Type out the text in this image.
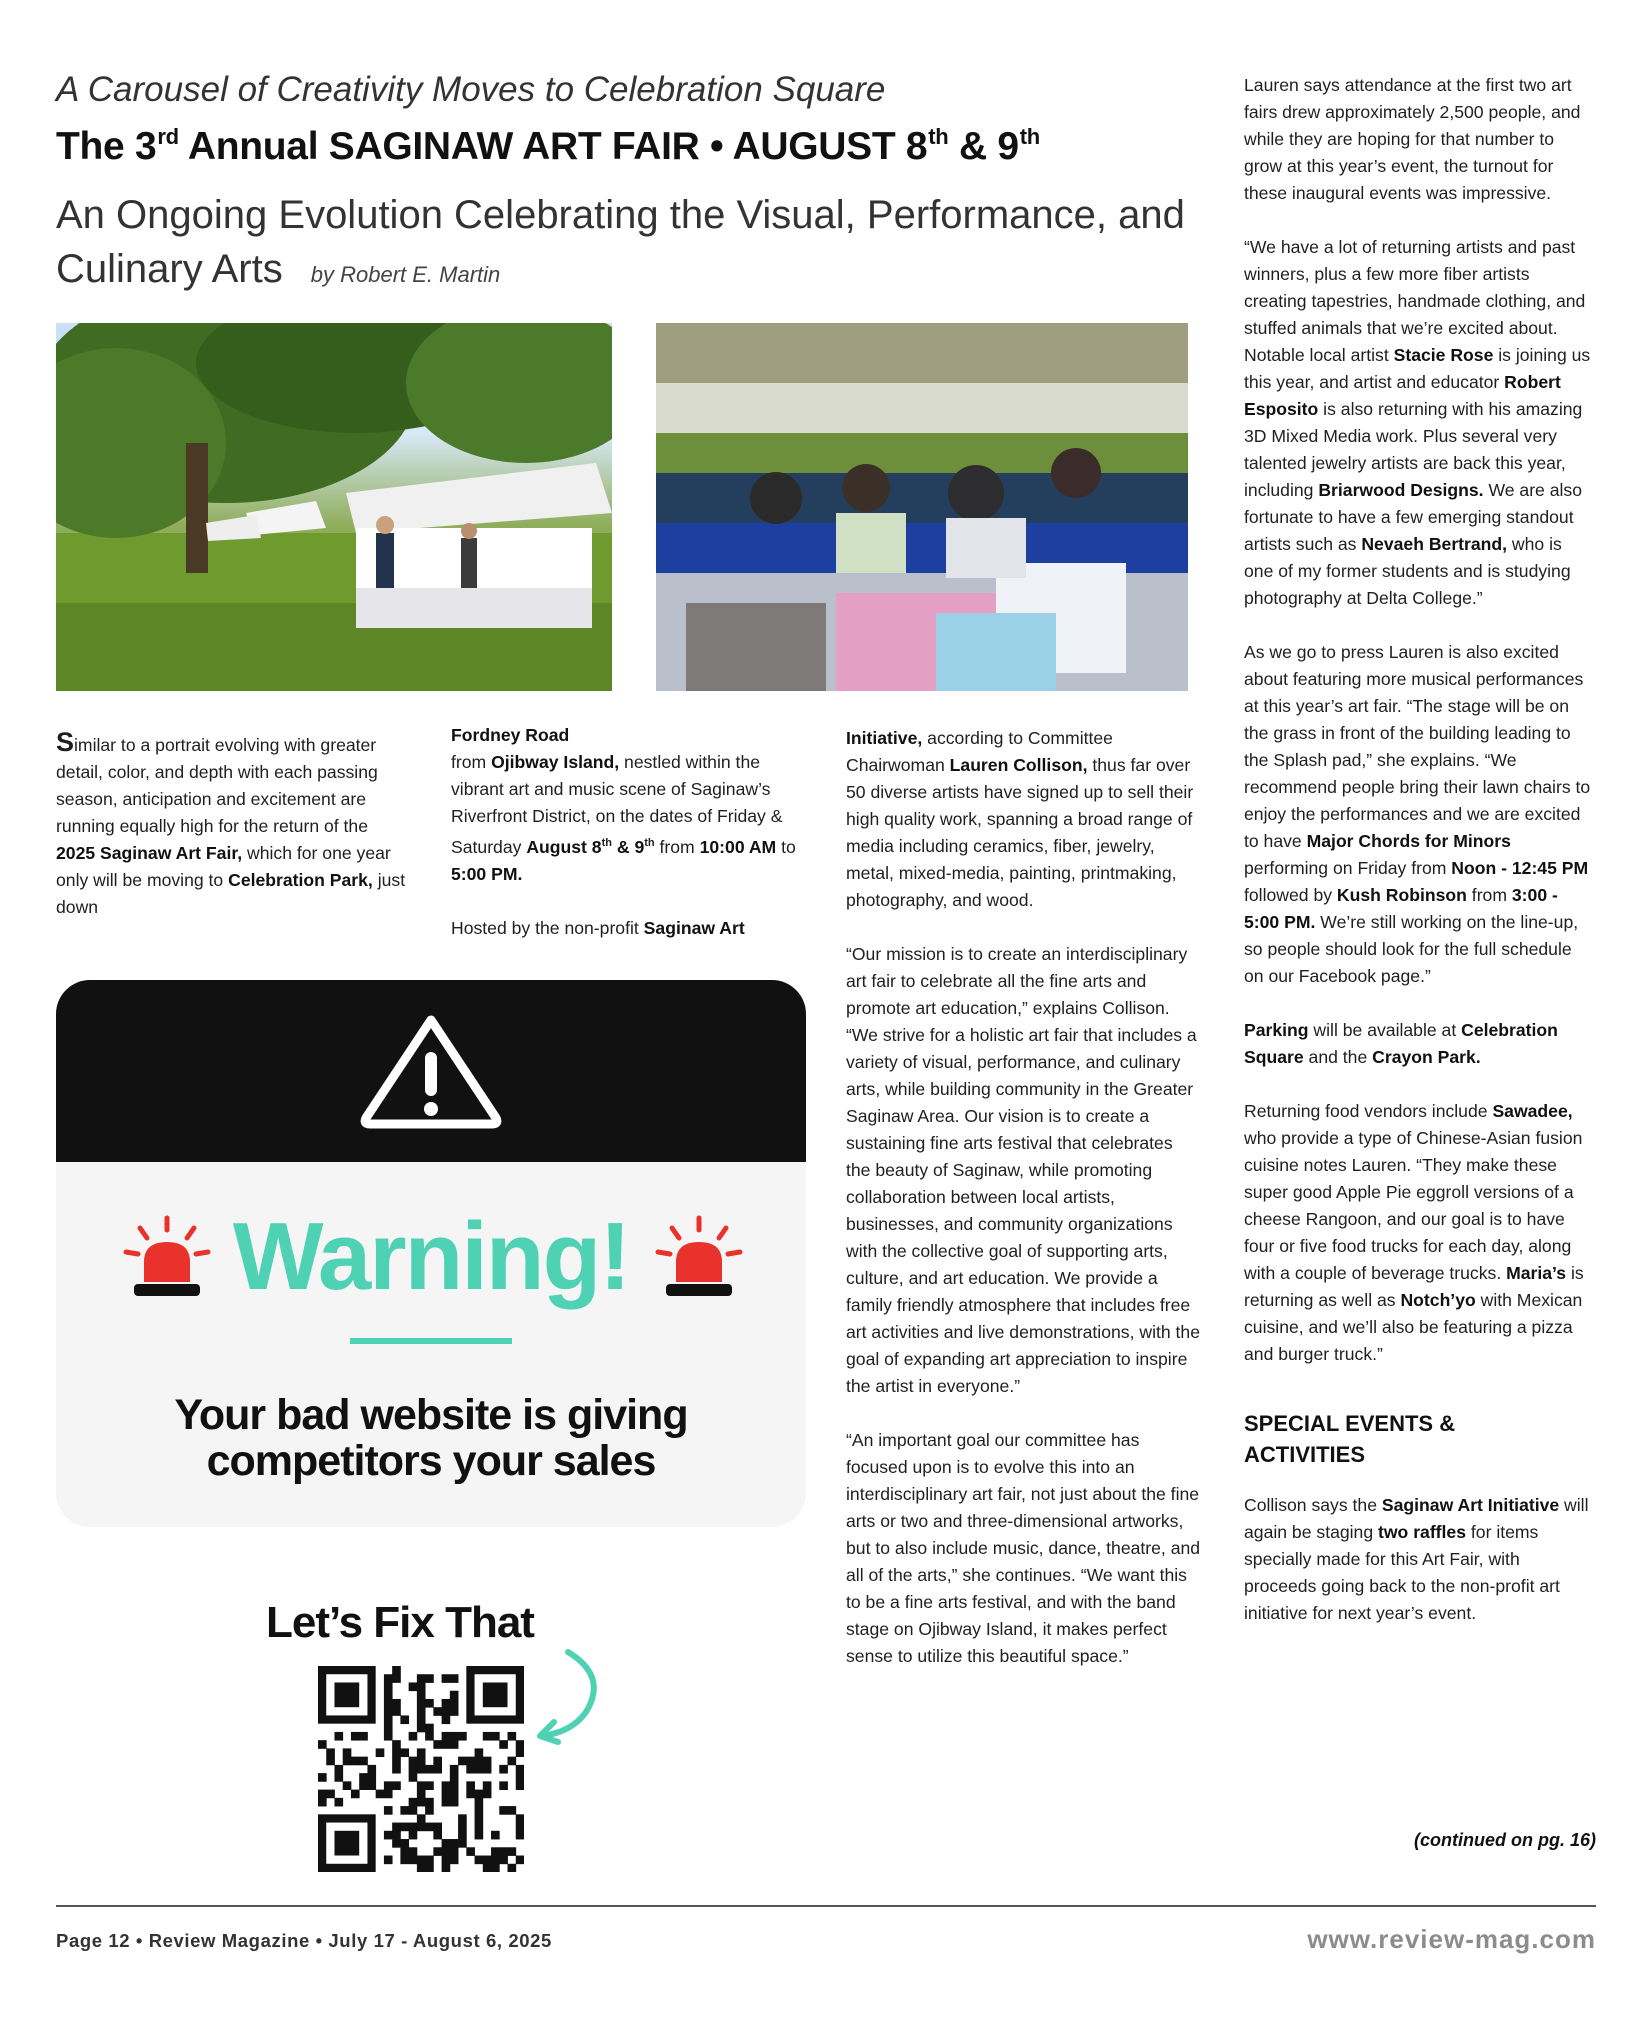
A Carousel of Creativity Moves to Celebration Square
The 3rd Annual SAGINAW ART FAIR • AUGUST 8th & 9th
An Ongoing Evolution Celebrating the Visual, Performance, and Culinary Arts by Robert E. Martin

Similar to a portrait evolving with greater detail, color, and depth with each passing season, anticipation and excitement are running equally high for the return of the 2025 Saginaw Art Fair, which for one year only will be moving to Celebration Park, just down

Fordney Road
from Ojibway Island, nestled within the vibrant art and music scene of Saginaw’s Riverfront District, on the dates of Friday & Saturday August 8th & 9th from 10:00 AM to 5:00 PM.

Hosted by the non-profit Saginaw Art

Initiative, according to Committee Chairwoman Lauren Collison, thus far over 50 diverse artists have signed up to sell their high quality work, spanning a broad range of media including ceramics, fiber, jewelry, metal, mixed-media, painting, printmaking, photography, and wood.

“Our mission is to create an interdisciplinary art fair to celebrate all the fine arts and promote art education,” explains Collison. “We strive for a holistic art fair that includes a variety of visual, performance, and culinary arts, while building community in the Greater Saginaw Area. Our vision is to create a sustaining fine arts festival that celebrates the beauty of Saginaw, while promoting collaboration between local artists, businesses, and community organizations with the collective goal of supporting arts, culture, and art education. We provide a family friendly atmosphere that includes free art activities and live demonstrations, with the goal of expanding art appreciation to inspire the artist in everyone.”

“An important goal our committee has focused upon is to evolve this into an interdisciplinary art fair, not just about the fine arts or two and three-dimensional artworks, but to also include music, dance, theatre, and all of the arts,” she continues. “We want this to be a fine arts festival, and with the band stage on Ojibway Island, it makes perfect sense to utilize this beautiful space.”

Lauren says attendance at the first two art fairs drew approximately 2,500 people, and while they are hoping for that number to grow at this year’s event, the turnout for these inaugural events was impressive.

“We have a lot of returning artists and past winners, plus a few more fiber artists creating tapestries, handmade clothing, and stuffed animals that we’re excited about. Notable local artist Stacie Rose is joining us this year, and artist and educator Robert Esposito is also returning with his amazing 3D Mixed Media work. Plus several very talented jewelry artists are back this year, including Briarwood Designs. We are also fortunate to have a few emerging standout artists such as Nevaeh Bertrand, who is one of my former students and is studying photography at Delta College.”

As we go to press Lauren is also excited about featuring more musical performances at this year’s art fair. “The stage will be on the grass in front of the building leading to the Splash pad,” she explains. “We recommend people bring their lawn chairs to enjoy the performances and we are excited to have Major Chords for Minors performing on Friday from Noon - 12:45 PM followed by Kush Robinson from 3:00 - 5:00 PM. We’re still working on the line-up, so people should look for the full schedule on our Facebook page.”

Parking will be available at Celebration Square and the Crayon Park.

Returning food vendors include Sawadee, who provide a type of Chinese-Asian fusion cuisine notes Lauren. “They make these super good Apple Pie eggroll versions of a cheese Rangoon, and our goal is to have four or five food trucks for each day, along with a couple of beverage trucks. Maria’s is returning as well as Notch’yo with Mexican cuisine, and we’ll also be featuring a pizza and burger truck.”

SPECIAL EVENTS & ACTIVITIES

Collison says the Saginaw Art Initiative will again be staging two raffles for items specially made for this Art Fair, with proceeds going back to the non-profit art initiative for next year’s event.

(continued on pg. 16)
Warning!
Your bad website is giving competitors your sales
Let’s Fix That
Page 12 • Review Magazine • July 17 - August 6, 2025	www.review-mag.com
